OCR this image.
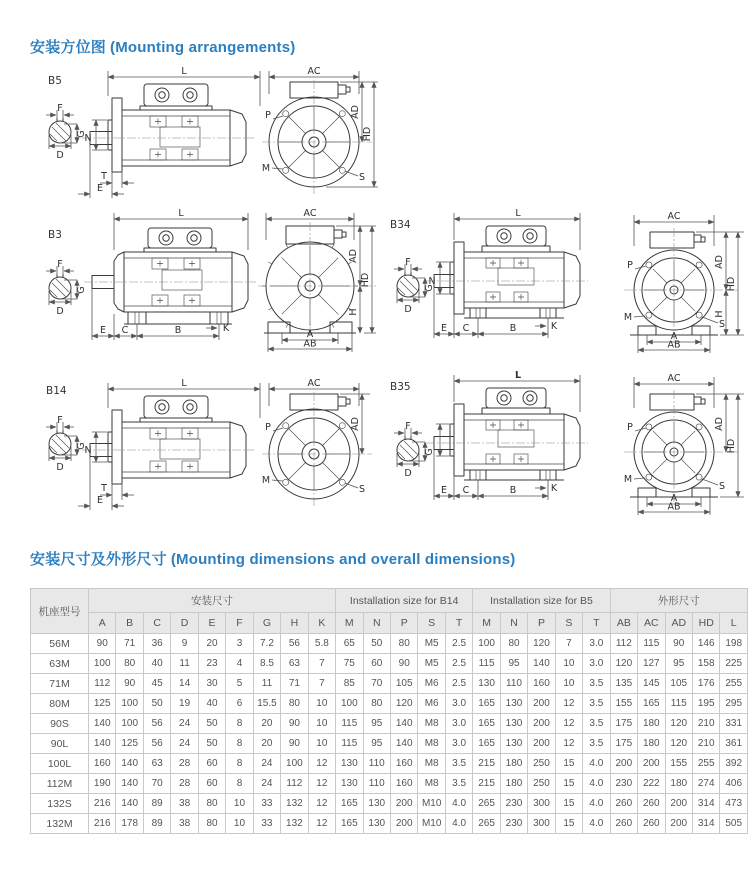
安装方位图 (Mounting arrangements)
B5
F
G
D
L
N
T
E
AC
P
M
S
AD
HD
B3
F
G
D
L
E C	B	K
AC
A
AB
AD
H
HD
B34
F
G
D
L
N
E C	B	K
AC
P
M
S
A
AB
AD
H
HD
B14
F
G
D
L
N
T
E
AC
P
M
S
AD
B35
F
G
D
L
E C	B	K
AC
P
M
S
A
AB
AD
HD
安装尺寸及外形尺寸 (Mounting dimensions and overall dimensions)
机座型号	安装尺寸									Installation size for B14					Installation size for B5					外形尺寸				
	A	B	C	D	E	F	G	H	K	M	N	P	S	T	M	N	P	S	T	AB	AC	AD	HD	L
56M	90	71	36	9	20	3	7.2	56	5.8	65	50	80	M5	2.5	100	80	120	7	3.0	112	115	90	146	198
63M	100	80	40	11	23	4	8.5	63	7	75	60	90	M5	2.5	115	95	140	10	3.0	120	127	95	158	225
71M	112	90	45	14	30	5	11	71	7	85	70	105	M6	2.5	130	110	160	10	3.5	135	145	105	176	255
80M	125	100	50	19	40	6	15.5	80	10	100	80	120	M6	3.0	165	130	200	12	3.5	155	165	115	195	295
90S	140	100	56	24	50	8	20	90	10	115	95	140	M8	3.0	165	130	200	12	3.5	175	180	120	210	331
90L	140	125	56	24	50	8	20	90	10	115	95	140	M8	3.0	165	130	200	12	3.5	175	180	120	210	361
100L	160	140	63	28	60	8	24	100	12	130	110	160	M8	3.5	215	180	250	15	4.0	200	200	155	255	392
112M	190	140	70	28	60	8	24	112	12	130	110	160	M8	3.5	215	180	250	15	4.0	230	222	180	274	406
132S	216	140	89	38	80	10	33	132	12	165	130	200	M10	4.0	265	230	300	15	4.0	260	260	200	314	473
132M	216	178	89	38	80	10	33	132	12	165	130	200	M10	4.0	265	230	300	15	4.0	260	260	200	314	505
